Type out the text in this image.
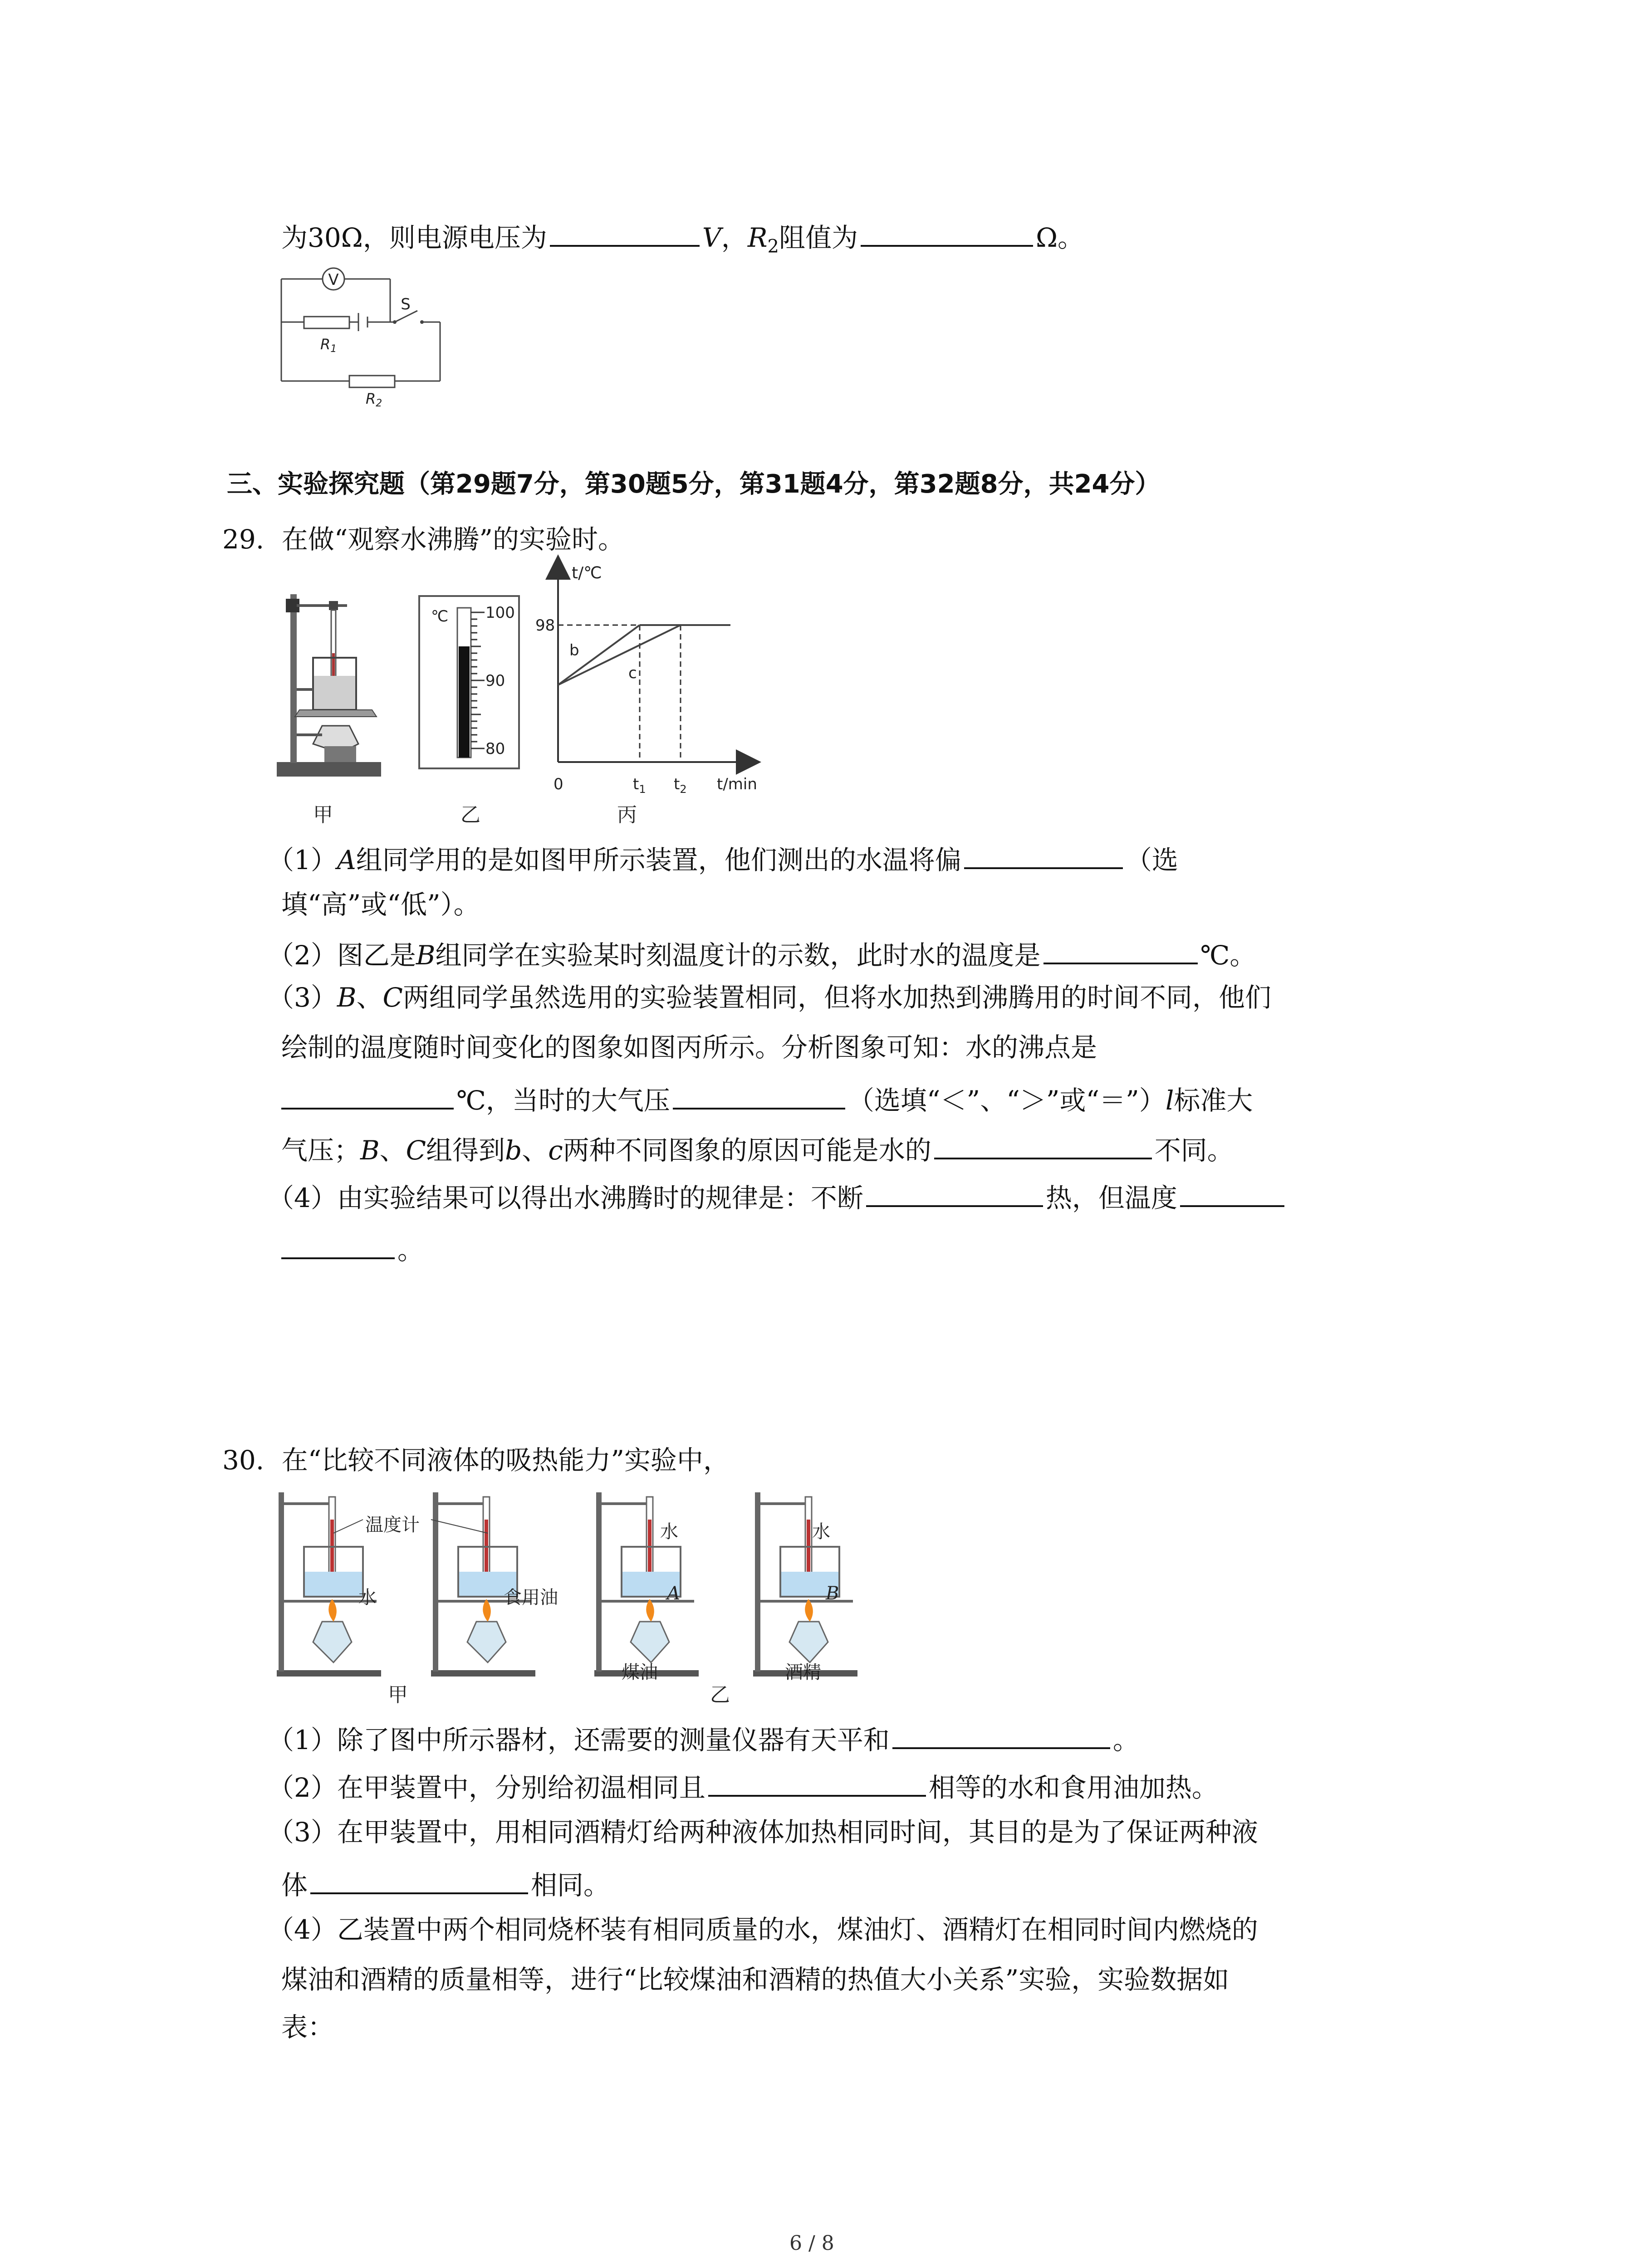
为30Ω，则电源电压为	V，$R_2$阻值为	Ω。
V
S
R1
R2
三、实验探究题（第29题7分，第30题5分，第31题4分，第32题8分，共24分）
29. 在做“观察水沸腾”的实验时。
℃ 100
90
80
t/℃
98
b
c
0	$t_1$ $t_2$ t/min
甲	乙	丙
（1）A组同学用的是如图甲所示装置，他们测出的水温将偏	（选
填“高”或“低”）。
（2）图乙是B组同学在实验某时刻温度计的示数，此时水的温度是	℃。
（3）B、C两组同学虽然选用的实验装置相同，但将水加热到沸腾用的时间不同，他们
绘制的温度随时间变化的图象如图丙所示。分析图象可知：水的沸点是
℃，当时的大气压	（选填“＜”、“＞”或“＝”）l标准大
气压；B、C组得到b、c两种不同图象的原因可能是水的	不同。
（4）由实验结果可以得出水沸腾时的规律是：不断	热，但温度
。
30. 在“比较不同液体的吸热能力”实验中，
温度计
水	食用油
水	水
A	B
煤油	酒精
甲	乙
（1）除了图中所示器材，还需要的测量仪器有天平和	。
（2）在甲装置中，分别给初温相同且	相等的水和食用油加热。
（3）在甲装置中，用相同酒精灯给两种液体加热相同时间，其目的是为了保证两种液
体	相同。
（4）乙装置中两个相同烧杯装有相同质量的水，煤油灯、酒精灯在相同时间内燃烧的
煤油和酒精的质量相等，进行“比较煤油和酒精的热值大小关系”实验，实验数据如
表：
6 / 8
